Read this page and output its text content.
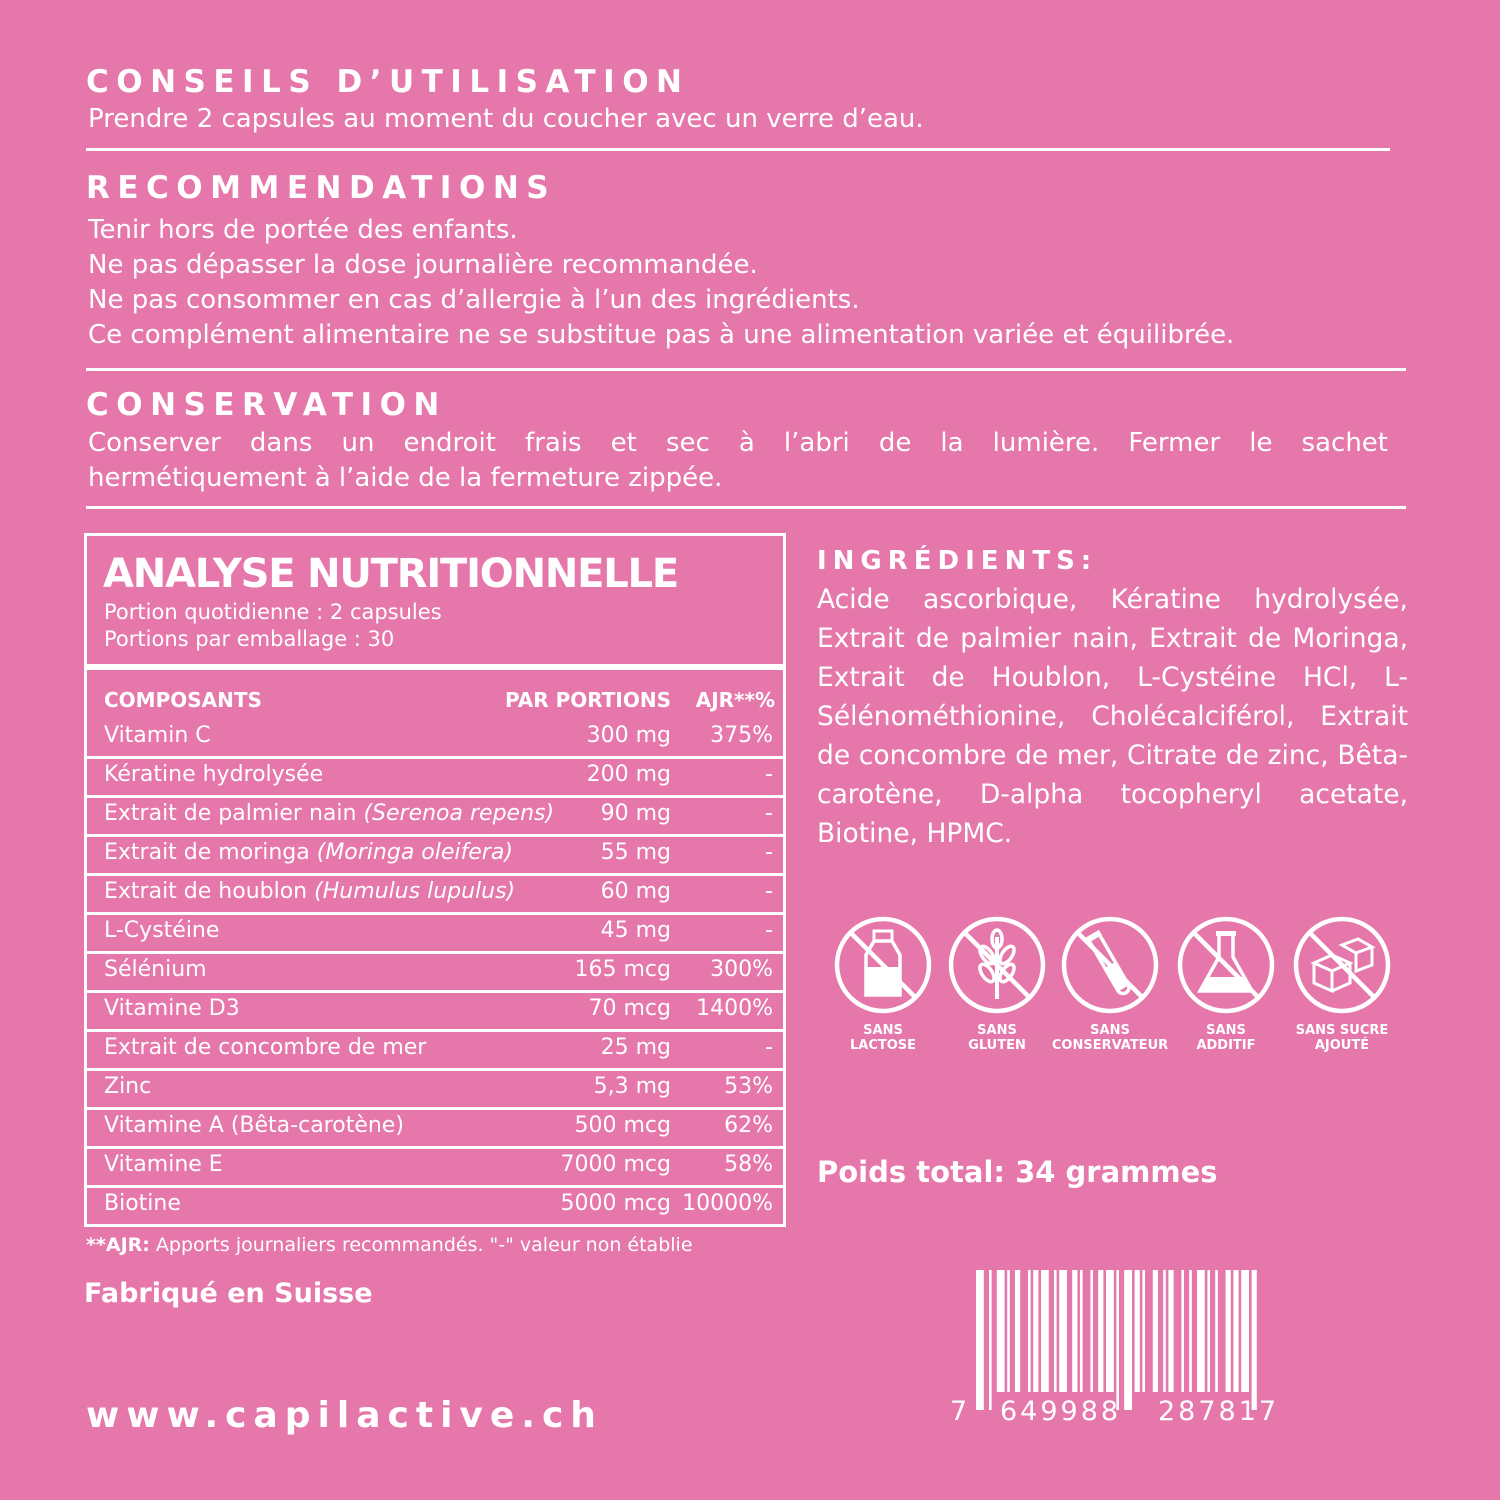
CONSEILS D’UTILISATION
Prendre 2 capsules au moment du coucher avec un verre d’eau.
RECOMMENDATIONS
Tenir hors de portée des enfants.
Ne pas dépasser la dose journalière recommandée.
Ne pas consommer en cas d’allergie à l’un des ingrédients.
Ce complément alimentaire ne se substitue pas à une alimentation variée et équilibrée.
CONSERVATION
Conserver dans un endroit frais et sec à l’abri de la lumière. Fermer le sachet
hermétiquement à l’aide de la fermeture zippée.
ANALYSE NUTRITIONNELLE
Portion quotidienne : 2 capsules
Portions par emballage : 30
COMPOSANTS	PAR PORTIONS AJR**%
Vitamin C	300 mg 375%
Kératine hydrolysée	200 mg	-
Extrait de palmier nain (Serenoa repens) 90 mg	-
Extrait de moringa (Moringa oleifera)	55 mg	-
Extrait de houblon (Humulus lupulus)	60 mg	-
L-Cystéine	45 mg	-
Sélénium	165 mcg 300%
Vitamine D3	70 mcg 1400%
Extrait de concombre de mer	25 mg	-
Zinc	5,3 mg 53%
Vitamine A (Bêta-carotène)	500 mcg 62%
Vitamine E	7000 mcg 58%
Biotine	5000 mcg 10000%
**AJR: Apports journaliers recommandés. "-" valeur non établie
Fabriqué en Suisse
www.capilactive.ch
INGRÉDIENTS:
Acide ascorbique, Kératine hydrolysée, Extrait de palmier nain, Extrait de Moringa, Extrait de Houblon, L-Cystéine HCl, L-Sélénométhionine, Cholécalciférol, Extrait de concombre de mer, Citrate de zinc, Bêta-carotène, D-alpha tocopheryl acetate, Biotine, HPMC.
SANS
LACTOSE
SANS
GLUTEN
SANS
CONSERVATEUR
SANS
ADDITIF
SANS SUCRE
AJOUTÉ
Poids total: 34 grammes
7 649988 287817
